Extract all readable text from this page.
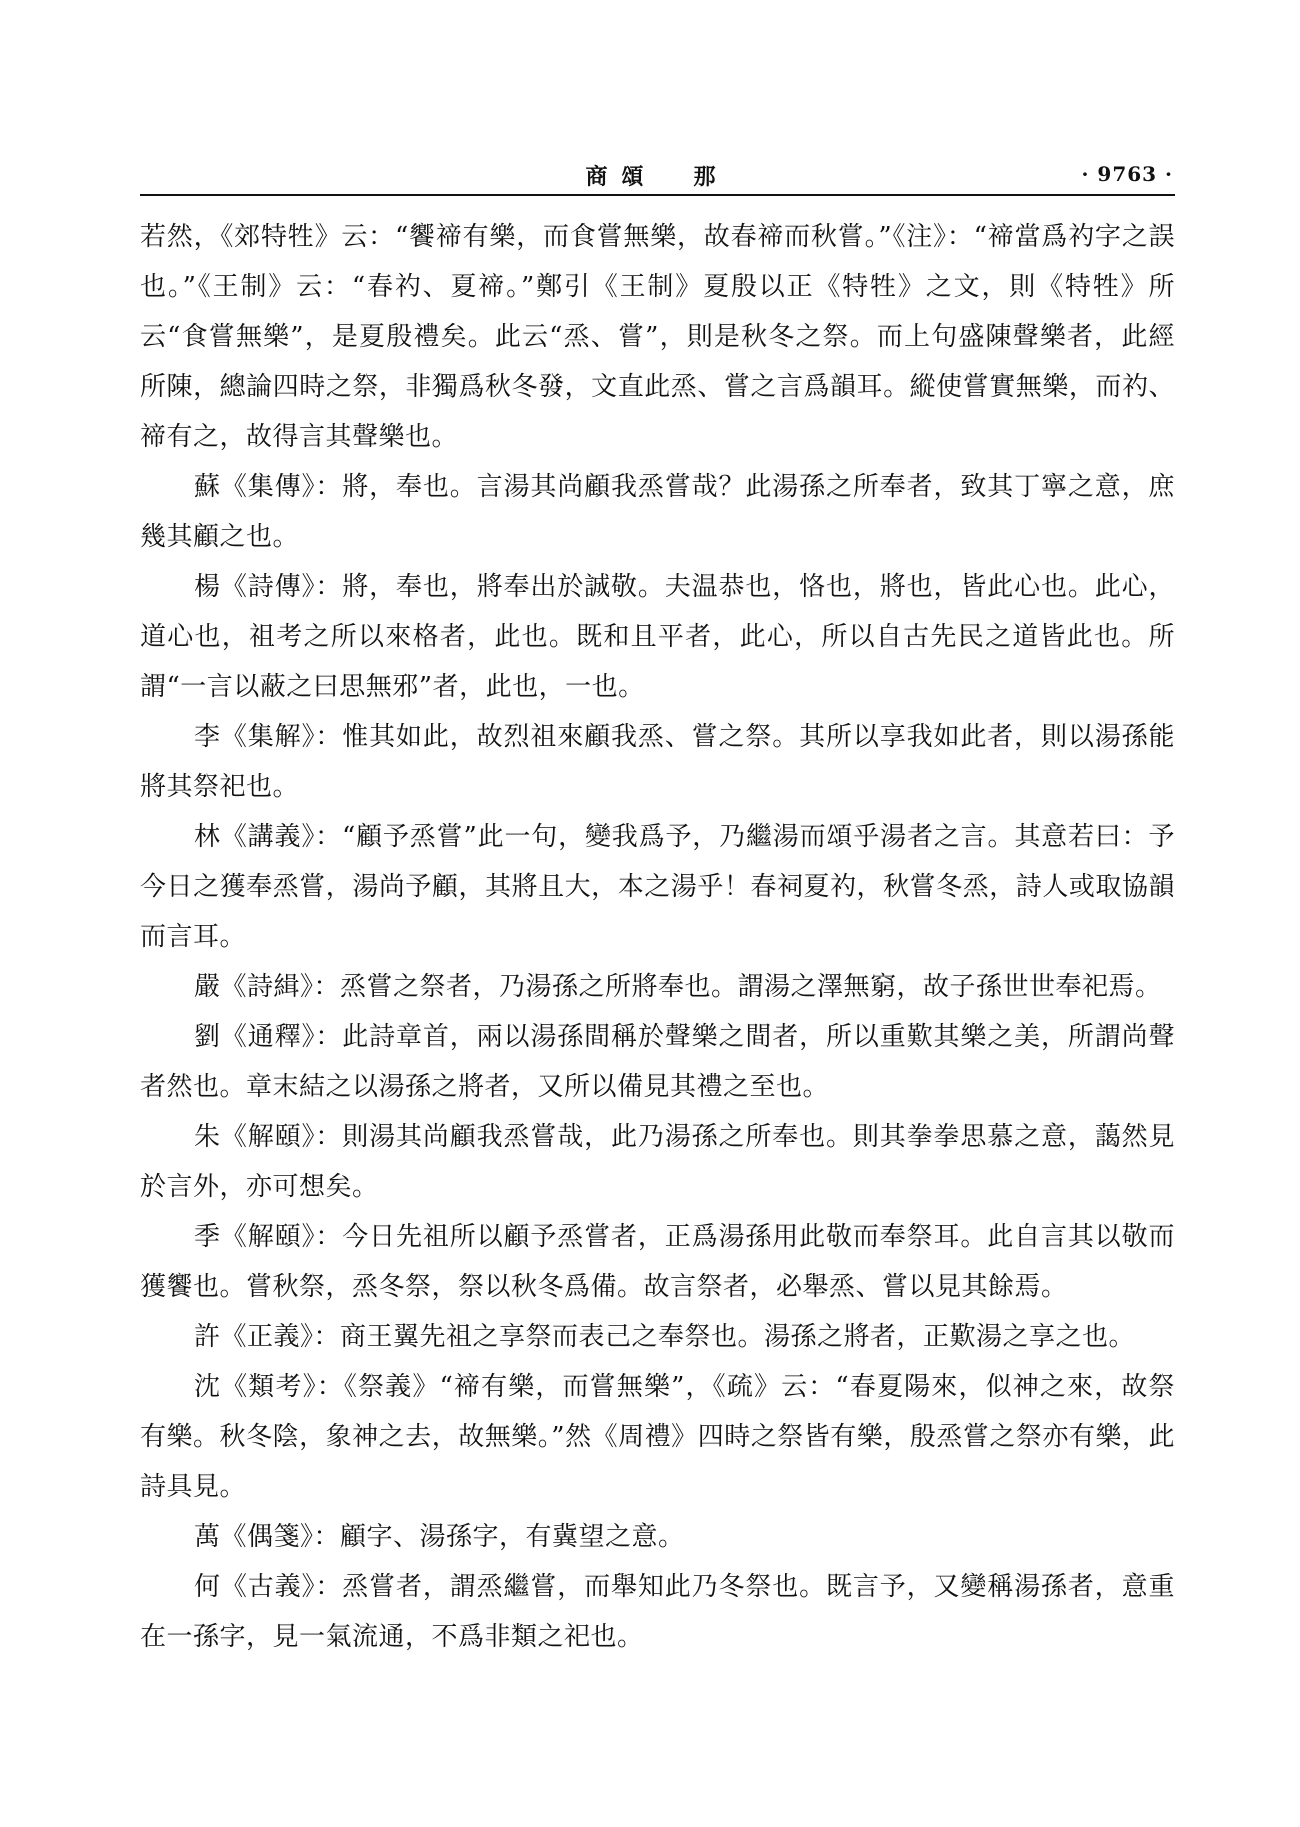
商頌　那	· 9763 ·

若然，《郊特牲》云：“饗禘有樂，而食嘗無樂，故春禘而秋嘗。”《注》：“禘當爲礿字之誤也。”《王制》云：“春礿、夏禘。”鄭引《王制》夏殷以正《特牲》之文，則《特牲》所云“食嘗無樂”，是夏殷禮矣。此云“烝、嘗”，則是秋冬之祭。而上句盛陳聲樂者，此經所陳，總論四時之祭，非獨爲秋冬發，文直此烝、嘗之言爲韻耳。縱使嘗實無樂，而礿、禘有之，故得言其聲樂也。

蘇《集傳》：將，奉也。言湯其尚顧我烝嘗哉？此湯孫之所奉者，致其丁寧之意，庶幾其顧之也。

楊《詩傳》：將，奉也，將奉出於誠敬。夫温恭也，恪也，將也，皆此心也。此心，道心也，祖考之所以來格者，此也。既和且平者，此心，所以自古先民之道皆此也。所謂“一言以蔽之曰思無邪”者，此也，一也。

李《集解》：惟其如此，故烈祖來顧我烝、嘗之祭。其所以享我如此者，則以湯孫能將其祭祀也。

林《講義》：“顧予烝嘗”此一句，變我爲予，乃繼湯而頌乎湯者之言。其意若曰：予今日之獲奉烝嘗，湯尚予顧，其將且大，本之湯乎！春祠夏礿，秋嘗冬烝，詩人或取協韻而言耳。

嚴《詩緝》：烝嘗之祭者，乃湯孫之所將奉也。謂湯之澤無窮，故子孫世世奉祀焉。

劉《通釋》：此詩章首，兩以湯孫間稱於聲樂之間者，所以重歎其樂之美，所謂尚聲者然也。章末結之以湯孫之將者，又所以備見其禮之至也。

朱《解頤》：則湯其尚顧我烝嘗哉，此乃湯孫之所奉也。則其拳拳思慕之意，藹然見於言外，亦可想矣。

季《解頤》：今日先祖所以顧予烝嘗者，正爲湯孫用此敬而奉祭耳。此自言其以敬而獲饗也。嘗秋祭，烝冬祭，祭以秋冬爲備。故言祭者，必舉烝、嘗以見其餘焉。

許《正義》：商王翼先祖之享祭而表己之奉祭也。湯孫之將者，正歎湯之享之也。

沈《類考》：《祭義》“禘有樂，而嘗無樂”，《疏》云：“春夏陽來，似神之來，故祭有樂。秋冬陰，象神之去，故無樂。”然《周禮》四時之祭皆有樂，殷烝嘗之祭亦有樂，此詩具見。

萬《偶箋》：顧字、湯孫字，有冀望之意。

何《古義》：烝嘗者，謂烝繼嘗，而舉知此乃冬祭也。既言予，又變稱湯孫者，意重在一孫字，見一氣流通，不爲非類之祀也。
